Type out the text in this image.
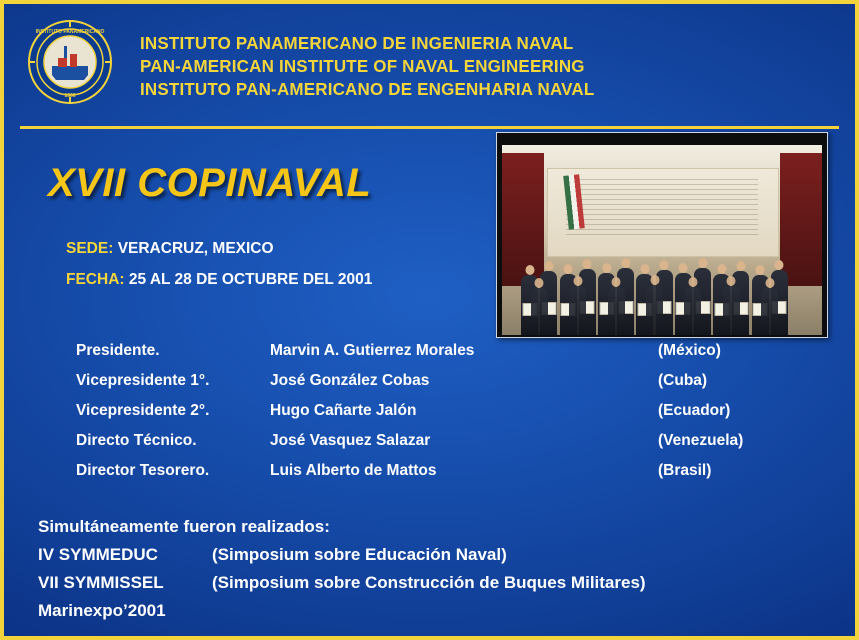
INSTITUTO PANAMERICANO
1966
INSTITUTO PANAMERICANO DE INGENIERIA NAVAL
PAN-AMERICAN INSTITUTE OF NAVAL ENGINEERING
INSTITUTO PAN-AMERICANO DE ENGENHARIA NAVAL
XVII COPINAVAL
SEDE: VERACRUZ, MEXICO
FECHA: 25 AL 28 DE OCTUBRE DEL 2001
Presidente.	Marvin A. Gutierrez Morales	(México)
Vicepresidente 1°.	José González Cobas	(Cuba)
Vicepresidente 2°.	Hugo Cañarte Jalón	(Ecuador)
Directo Técnico.	José Vasquez Salazar	(Venezuela)
Director Tesorero.	Luis Alberto de Mattos	(Brasil)
Simultáneamente fueron realizados:
IV SYMMEDUC	(Simposium sobre Educación Naval)
VII SYMMISSEL	(Simposium sobre Construcción de Buques Militares)
Marinexpo’2001
